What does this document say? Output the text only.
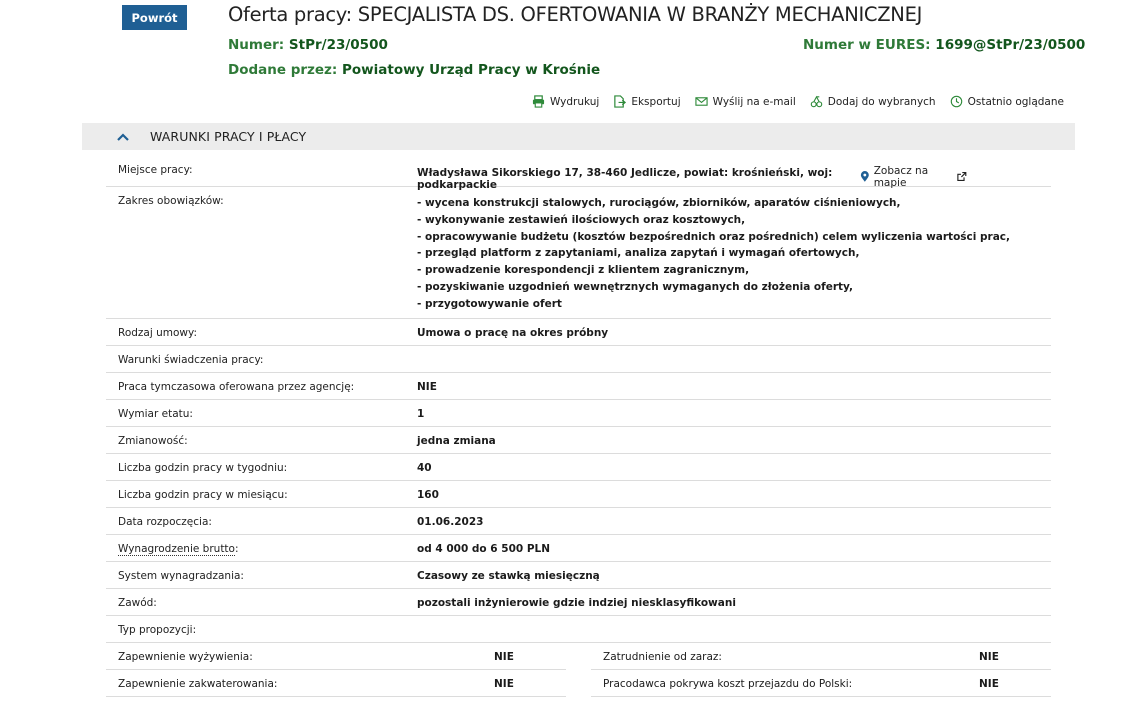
Powrót	Oferta pracy: SPECJALISTA DS. OFERTOWANIA W BRANŻY MECHANICZNEJ
Numer: StPr/23/0500	Numer w EURES: 1699@StPr/23/0500
Dodane przez: Powiatowy Urząd Pracy w Krośnie
Wydrukuj	Eksportuj	Wyślij na e-mail	Dodaj do wybranych	Ostatnio oglądane
WARUNKI PRACY I PŁACY
Miejsce pracy:	Władysława Sikorskiego 17, 38-460 Jedlicze, powiat: krośnieński, woj: podkarpackie
Zobacz na mapie
Zakres obowiązków:	- wycena konstrukcji stalowych, rurociągów, zbiorników, aparatów ciśnieniowych,
- wykonywanie zestawień ilościowych oraz kosztowych,
- opracowywanie budżetu (kosztów bezpośrednich oraz pośrednich) celem wyliczenia wartości prac,
- przegląd platform z zapytaniami, analiza zapytań i wymagań ofertowych,
- prowadzenie korespondencji z klientem zagranicznym,
- pozyskiwanie uzgodnień wewnętrznych wymaganych do złożenia oferty,
- przygotowywanie ofert
Rodzaj umowy:	Umowa o pracę na okres próbny
Warunki świadczenia pracy:
Praca tymczasowa oferowana przez agencję:	NIE
Wymiar etatu:	1
Zmianowość:	jedna zmiana
Liczba godzin pracy w tygodniu:	40
Liczba godzin pracy w miesiącu:	160
Data rozpoczęcia:	01.06.2023
Wynagrodzenie brutto:	od 4 000 do 6 500 PLN
System wynagradzania:	Czasowy ze stawką miesięczną
Zawód:	pozostali inżynierowie gdzie indziej niesklasyfikowani
Typ propozycji:
Zapewnienie wyżywienia:	NIE	Zatrudnienie od zaraz:	NIE
Zapewnienie zakwaterowania:	NIE	Pracodawca pokrywa koszt przejazdu do Polski:	NIE
